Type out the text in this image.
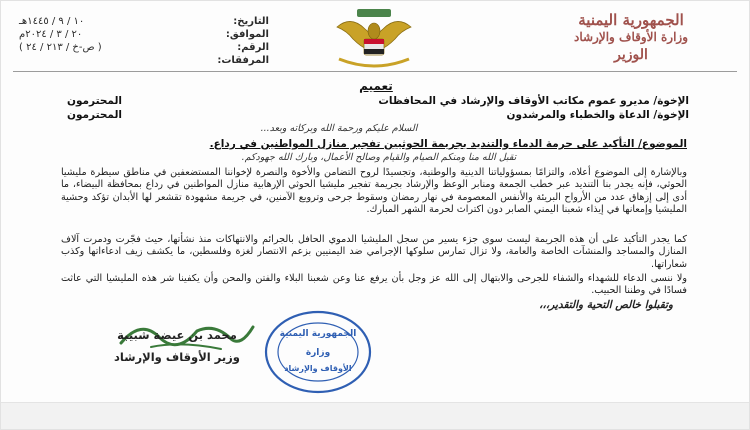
الجمهورية اليمنية
وزارة الأوقاف والإرشاد
الوزير
التاريخ:
١٠ / ٩ / ١٤٤٥هـ
الموافق:
٢٠ / ٣ / ٢٠٢٤م
الرقم:
( ص-خ / ٢١٣ / ٢٤ )
المرفقات:
تعميم
الإخوة/ مديرو عموم مكاتب الأوقاف والإرشاد في المحافظات
المحترمون
الإخوة/ الدعاة والخطباء والمرشدون
المحترمون
السلام عليكم ورحمة الله وبركاته وبعد...
الموضوع/ التأكيد على حرمة الدماء والتنديد بجريمة الحوثيين تفجير منازل المواطنين في رداع.
تقبل الله منا ومنكم الصيام والقيام وصالح الأعمال، وبارك الله جهودكم.
وبالإشارة إلى الموضوع أعلاه، والتزامًا بمسؤولياتنا الدينية والوطنية، وتجسيدًا لروح التضامن والأخوة والنصرة لإخواننا المستضعفين في مناطق سيطرة مليشيا الحوثي، فإنه يجدر بنا التنديد عبر خطب الجمعة ومنابر الوعظ والإرشاد بجريمة تفجير مليشيا الحوثي الإرهابية منازل المواطنين في رداع بمحافظة البيضاء، ما أدى إلى إزهاق عدد من الأرواح البريئة والأنفس المعصومة في نهار رمضان وسقوط جرحى وترويع الآمنين، في جريمة مشهودة تقشعر لها الأبدان تؤكد وحشية المليشيا وإمعانها في إيذاء شعبنا اليمني الصابر دون اكتراث لحرمة الشهر المبارك.
كما يجدر التأكيد على أن هذه الجريمة ليست سوى جزء يسير من سجل المليشيا الدموي الحافل بالجرائم والانتهاكات منذ نشأتها، حيث فجّرت ودمرت آلاف المنازل والمساجد والمنشآت الخاصة والعامة، ولا تزال تمارس سلوكها الإجرامي ضد اليمنيين بزعم الانتصار لغزة وفلسطين، ما يكشف زيف ادعاءاتها وكذب شعاراتها.
ولا ننسى الدعاء للشهداء والشفاء للجرحى والابتهال إلى الله عز وجل بأن يرفع عنا وعن شعبنا البلاء والفتن والمحن وأن يكفينا شر هذه المليشيا التي عاثت فسادًا في وطننا الحبيب.
وتقبلوا خالص التحية والتقدير،،،
محمد بن عيضة شبيبة
وزير الأوقاف والإرشاد
الجمهورية اليمنية
وزارة
الأوقاف والإرشاد
